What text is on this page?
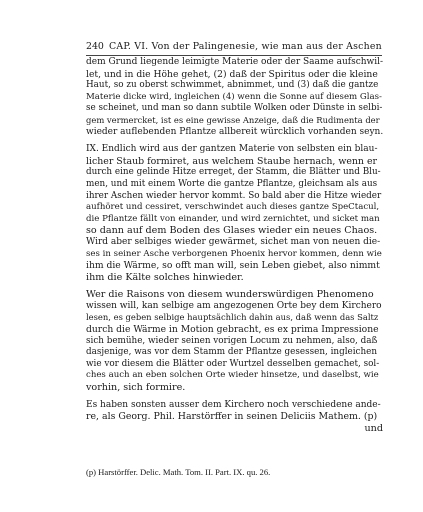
240 CAP. VI. Von der Palingenesie, wie man aus der Aschen
dem Grund liegende leimigte Materie oder der Saame aufschwil-
let, und in die Höhe gehet, (2) daß der Spiritus oder die kleine
Haut, so zu oberst schwimmet, abnimmet, und (3) daß die gantze
Materie dicke wird, ingleichen (4) wenn die Sonne auf diesem Glas-
se scheinet, und man so dann subtile Wolken oder Dünste in selbi-
gem vermercket, ist es eine gewisse Anzeige, daß die Rudimenta der
wieder auflebenden Pflantze allbereit würcklich vorhanden seyn.
IX. Endlich wird aus der gantzen Materie von selbsten ein blau-
licher Staub formiret, aus welchem Staube hernach, wenn er
durch eine gelinde Hitze erreget, der Stamm, die Blätter und Blu-
men, und mit einem Worte die gantze Pflantze, gleichsam als aus
ihrer Aschen wieder hervor kommt. So bald aber die Hitze wieder
aufhöret und cessiret, verschwindet auch dieses gantze SpeCtacul,
die Pflantze fällt von einander, und wird zernichtet, und sicket man
so dann auf dem Boden des Glases wieder ein neues Chaos.
Wird aber selbiges wieder gewärmet, sichet man von neuen die-
ses in seiner Asche verborgenen Phoenix hervor kommen, denn wie
ihm die Wärme, so offt man will, sein Leben giebet, also nimmt
ihm die Kälte solches hinwieder.
Wer die Raisons von diesem wunderswürdigen Phenomeno
wissen will, kan selbige am angezogenen Orte bey dem Kirchero
lesen, es geben selbige hauptsächlich dahin aus, daß wenn das Saltz
durch die Wärme in Motion gebracht, es ex prima Impressione
sich bemühe, wieder seinen vorigen Locum zu nehmen, also, daß
dasjenige, was vor dem Stamm der Pflantze gesessen, ingleichen
wie vor diesem die Blätter oder Wurtzel desselben gemachet, sol-
ches auch an eben solchen Orte wieder hinsetze, und daselbst, wie
vorhin, sich formire.
Es haben sonsten ausser dem Kirchero noch verschiedene ande-
re, als Georg. Phil. Harstörffer in seinen Deliciis Mathem. (p)
und
(p) Harstörffer. Delic. Math. Tom. II. Part. IX. qu. 26.
